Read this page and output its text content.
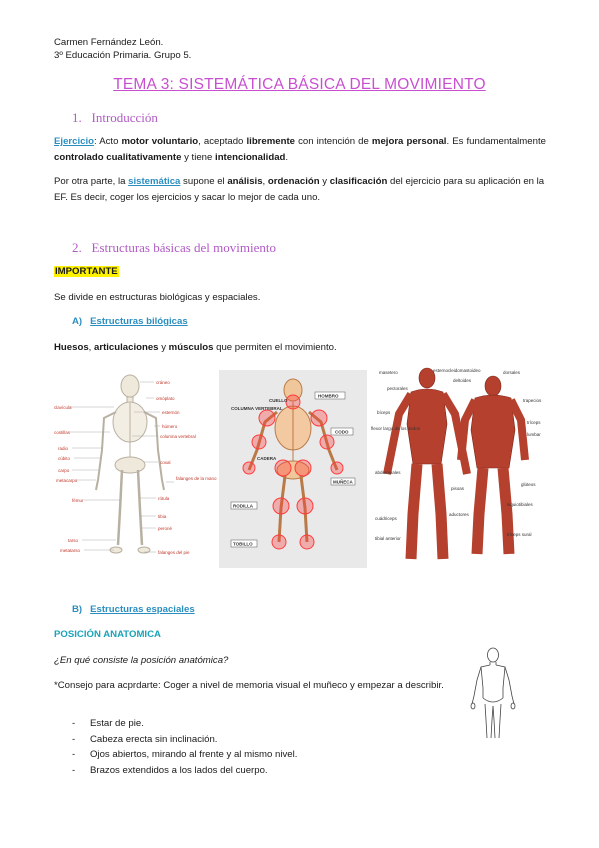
Carmen Fernández León.
3º Educación Primaria. Grupo 5.
TEMA 3: SISTEMÁTICA BÁSICA DEL MOVIMIENTO
1. Introducción
Ejercicio: Acto motor voluntario, aceptado libremente con intención de mejora personal. Es fundamentalmente controlado cualitativamente y tiene intencionalidad.
Por otra parte, la sistemática supone el análisis, ordenación y clasificación del ejercicio para su aplicación en la EF. Es decir, coger los ejercicios y sacar lo mejor de cada uno.
2. Estructuras básicas del movimiento
IMPORTANTE
Se divide en estructuras biológicas y espaciales.
A) Estructuras bilógicas
Huesos, articulaciones y músculos que permiten el movimiento.
cráneo
omóplato
esternón
húmero
columna vertebral
coxal
falanges de la mano
rótula
tibia
peroné
falanges del pie
clavícula
costillas
radio
cúbito
carpo
metacarpo
fémur
tarso
metatarso
CUELLO
HOMBRO
COLUMNA VERTEBRAL
CODO
CADERA
MUÑECA
RODILLA
TOBILLO
masetero	esternocleidomastoideo	dorsales
pectorales
deltoides
trapecios
bíceps
tríceps
lumbar
flexor largo de los dedos
glúteos
abdominales
pisoas
isquiotibiales
cuádriceps
aductores
tibial anterior
tríceps sural
B) Estructuras espaciales
POSICIÓN ANATOMICA
¿En qué consiste la posición anatómica?
*Consejo para acprdarte: Coger a nivel de memoria visual el muñeco y empezar a describir.
- Estar de pie.
- Cabeza erecta sin inclinación.
- Ojos abiertos, mirando al frente y al mismo nivel.
- Brazos extendidos a los lados del cuerpo.
